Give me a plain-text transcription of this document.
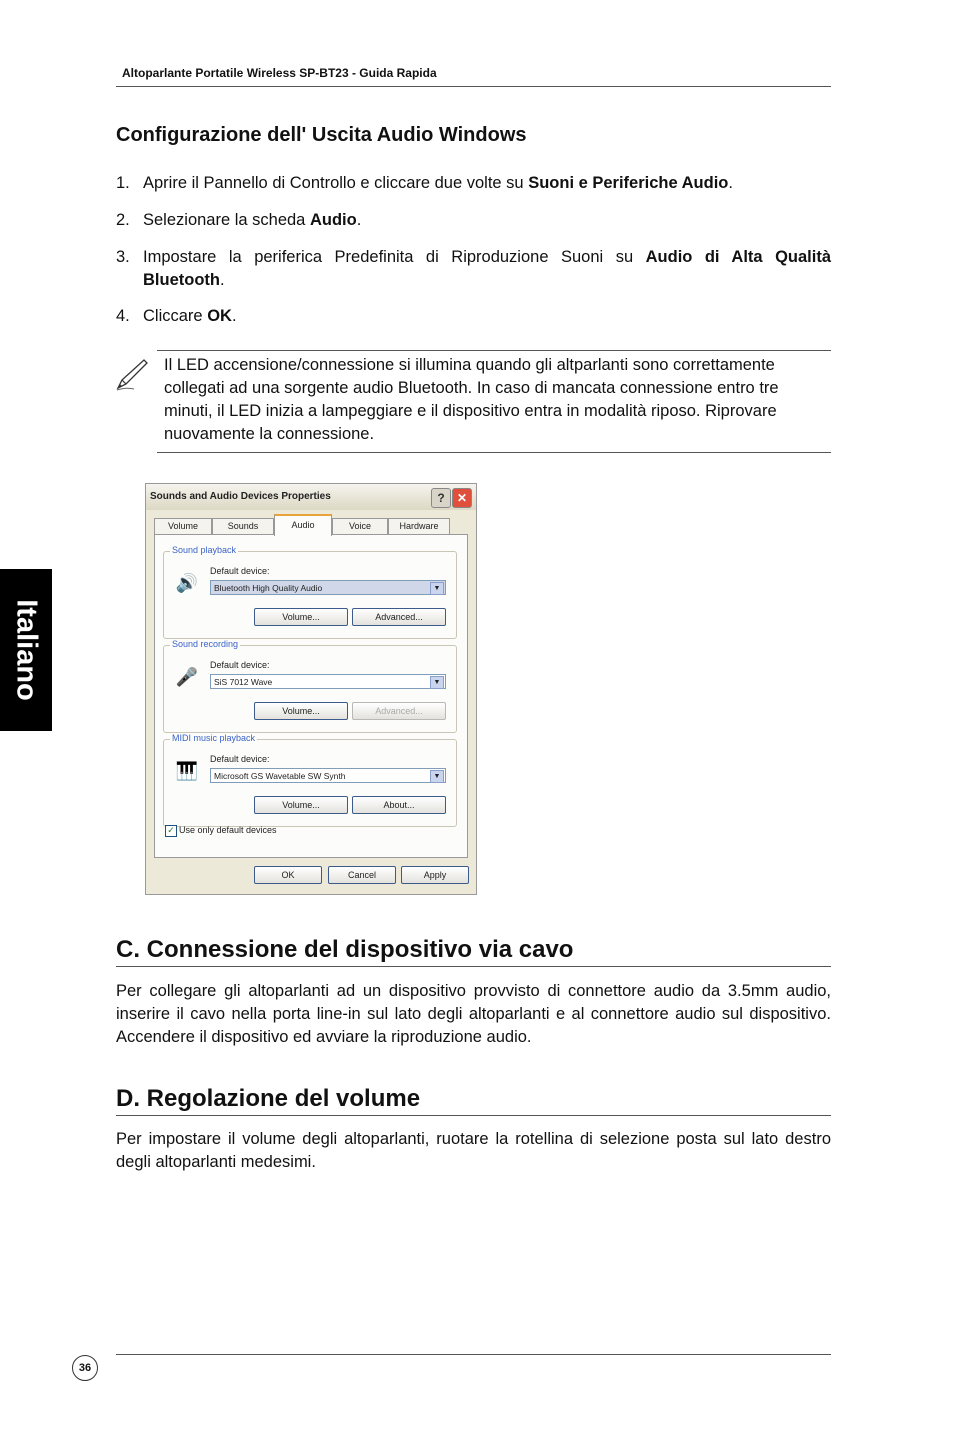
Altoparlante Portatile Wireless SP-BT23 - Guida Rapida
Italiano
Configurazione dell' Uscita Audio Windows
1. Aprire il Pannello di Controllo e cliccare due volte su Suoni e Periferiche Audio.
2. Selezionare la scheda Audio.
3. Impostare la periferica Predefinita di Riproduzione Suoni su Audio di Alta Qualità Bluetooth.
4. Cliccare OK.
Il LED accensione/connessione si illumina quando gli altparlanti sono correttamente collegati ad una sorgente audio Bluetooth. In caso di mancata connessione entro tre minuti, il LED inizia a lampeggiare e il dispositivo entra in modalità riposo. Riprovare nuovamente la connessione.
Sounds and Audio Devices Properties	?	✕
Volume	Sounds	Hardware
Voice
Sound playback
🔊
Default device:
Bluetooth High Quality Audio	▼
Volume...	Advanced...
Sound recording
🎤
Default device:
SiS 7012 Wave	▼
Volume...	Advanced...
MIDI music playback
🎹
Default device:
Microsoft GS Wavetable SW Synth	▼
Volume...	About...
✓ Use only default devices
Audio
OK	Cancel	Apply
C. Connessione del dispositivo via cavo
Per collegare gli altoparlanti ad un dispositivo provvisto di connettore audio da 3.5mm audio, inserire il cavo nella porta line-in sul lato degli altoparlanti e al connettore audio sul dispositivo. Accendere il dispositivo ed avviare la riproduzione audio.
D. Regolazione del volume
Per impostare il volume degli altoparlanti, ruotare la rotellina di selezione posta sul lato destro degli altoparlanti medesimi.
36
